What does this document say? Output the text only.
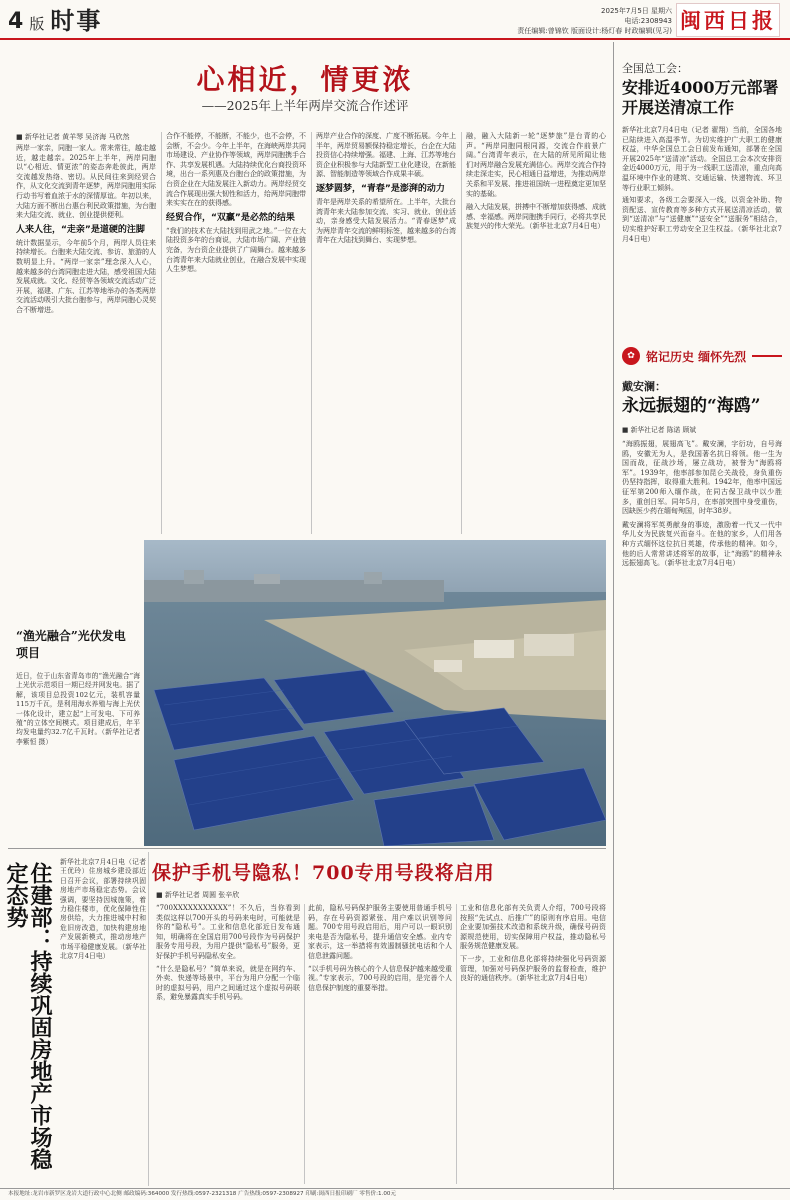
4 版 时事	2025年7月5日 星期六
电话:2308943
责任编辑:曾锦钦 版面设计:杨灯春 时政编辑(见习) 闽西日报
心相近，情更浓
——2025年上半年两岸交流合作述评
■ 新华社记者 黄羊琴 吴济海 马欣然

两岸一家亲，同胞一家人。常来常往，越走越近，越走越亲。2025年上半年，两岸同胞以“心相近、情更浓”的姿态奔赴彼此，两岸交流越发热络、密切。从民间往来到经贸合作，从文化交流到青年逐梦，两岸同胞用实际行动书写着血浓于水的深情厚谊。年初以来，大陆方面不断出台惠台利民政策措施，为台胞来大陆交流、就业、创业提供便利。

人来人往，“走亲”是道硬的注脚

统计数据显示，今年前5个月，两岸人员往来持续增长。台胞来大陆交流、参访、旅游的人数明显上升。“两岸一家亲”理念深入人心，越来越多的台湾同胞走进大陆，感受祖国大陆发展成就。文化、经贸等各领域交流活动广泛开展，福建、广东、江苏等地举办的各类两岸交流活动吸引大批台胞参与，两岸同胞心灵契合不断增进。

合作不能停，不能断，不能少，也不会停，不会断，不会少。今年上半年，在海峡两岸共同市场建设、产业协作等领域，两岸同胞携手合作、共享发展机遇。大陆持续优化台商投资环境，出台一系列惠及台胞台企的政策措施，为台资企业在大陆发展注入新动力。两岸经贸交流合作展现出强大韧性和活力，给两岸同胞带来实实在在的获得感。

经贸合作，“双赢”是必然的结果

“我们的技术在大陆找到用武之地。”一位在大陆投资多年的台商说，大陆市场广阔、产业链完备，为台资企业提供了广阔舞台。越来越多台湾青年来大陆就业创业，在融合发展中实现人生梦想。

两岸产业合作的深度、广度不断拓展。今年上半年，两岸贸易额保持稳定增长，台企在大陆投资信心持续增强。福建、上海、江苏等地台资企业积极参与大陆新型工业化建设，在新能源、智能制造等领域合作成果丰硕。

逐梦圆梦，“青春”是澎湃的动力

青年是两岸关系的希望所在。上半年，大批台湾青年来大陆参加交流、实习、就业、创业活动，亲身感受大陆发展活力。“青春逐梦”成为两岸青年交流的鲜明标签，越来越多的台湾青年在大陆找到舞台、实现梦想。

融，融入大陆新一轮“逐梦旅”是台青的心声。“两岸同胞同根同源，交流合作前景广阔。”台湾青年表示，在大陆的所见所闻让他们对两岸融合发展充满信心。两岸交流合作持续走深走实，民心相通日益增进，为推动两岸关系和平发展、推进祖国统一进程奠定更加坚实的基础。

融入大陆发展，拼搏中不断增加获得感、成就感、幸福感。两岸同胞携手同行，必将共享民族复兴的伟大荣光。（新华社北京7月4日电）

全国总工会：
安排近4000万元部署开展送清凉工作

新华社北京7月4日电（记者 翟翔）当前，全国各地已陆续进入高温季节。为切实维护广大职工的健康权益，中华全国总工会日前发布通知，部署在全国开展2025年“送清凉”活动。全国总工会本次安排资金近4000万元，用于为一线职工送清凉，重点向高温环境中作业的建筑、交通运输、快递物流、环卫等行业职工倾斜。

通知要求，各级工会要深入一线，以资金补助、物资配送、宣传教育等多种方式开展送清凉活动，做到“送清凉”与“送健康”“送安全”“送服务”相结合，切实维护好职工劳动安全卫生权益。（新华社北京7月4日电）

✿ 铭记历史 缅怀先烈
戴安澜：
永远振翅的“海鸥”
■ 新华社记者 陈诺 顾斌

“海鸥振翅，展翅高飞”。戴安澜，字衍功，自号海鸥，安徽无为人，是我国著名抗日将领。他一生为国而战，征战沙场，屡立战功，被誉为“海鸥将军”。1939年，他率部参加昆仑关战役，身负重伤仍坚持指挥，取得重大胜利。1942年，他率中国远征军第200师入缅作战，在同古保卫战中以少胜多，重创日军。同年5月，在率部突围中身受重伤，因缺医少药在缅甸殉国，时年38岁。

戴安澜将军英勇献身的事迹，激励着一代又一代中华儿女为民族复兴而奋斗。在他的家乡，人们用各种方式缅怀这位抗日英雄，传承他的精神。如今，他的后人常常讲述将军的故事，让“海鸥”的精神永远振翅高飞。（新华社北京7月4日电）

“渔光融合”光伏发电项目
近日，位于山东省青岛市的“渔光融合”海上光伏示范项目一期已经并网发电。据了解，该项目总投资102亿元，装机容量115万千瓦，是利用海水养殖与海上光伏一体化设计，建立起“上可发电、下可养殖”的立体空间模式。项目建成后，年平均发电量约32.7亿千瓦时。（新华社记者 李紫恒 摄）
住建部：持续巩固房地产市场稳定态势	新华社北京7月4日电（记者 王优玲）住房城乡建设部近日召开会议，部署持续巩固房地产市场稳定态势。会议强调，要坚持因城施策，着力稳住楼市，优化保障性住房供给，大力推进城中村和危旧房改造，加快构建房地产发展新模式，推动房地产市场平稳健康发展。（新华社北京7月4日电）
保护手机号隐私！700专用号段将启用
■ 新华社记者 周圆 张辛欣

“700XXXXXXXXXXX”！不久后，当你看到类似这样以700开头的号码来电时，可能就是你的“隐私号”。工业和信息化部近日发布通知，明确将在全国启用700号段作为号码保护服务专用号段，为用户提供“隐私号”服务，更好保护手机号码隐私安全。

“什么是隐私号？”简单来说，就是在网约车、外卖、快递等场景中，平台为用户分配一个临时的虚拟号码，用户之间通过这个虚拟号码联系，避免暴露真实手机号码。

此前，隐私号码保护服务主要使用普通手机号码，存在号码资源紧张、用户难以识别等问题。700专用号段启用后，用户可以一眼识别来电是否为隐私号，提升通信安全感。业内专家表示，这一举措将有效遏制骚扰电话和个人信息泄露问题。

“以手机号码为核心的个人信息保护越来越受重视。”专家表示，700号段的启用，是完善个人信息保护制度的重要举措。

工业和信息化部有关负责人介绍，700号段将按照“先试点、后推广”的原则有序启用。电信企业要加强技术改造和系统升级，确保号码资源规范使用，切实保障用户权益，推动隐私号服务规范健康发展。

下一步，工业和信息化部将持续强化号码资源管理，加强对号码保护服务的监督检查，维护良好的通信秩序。（新华社北京7月4日电）

本报地址:龙岩市新罗区龙岩大道行政中心北侧 邮政编码:364000 发行热线:0597-2321318 广告热线:0597-2308927 印刷:闽西日报印刷厂 零售价:1.00元
